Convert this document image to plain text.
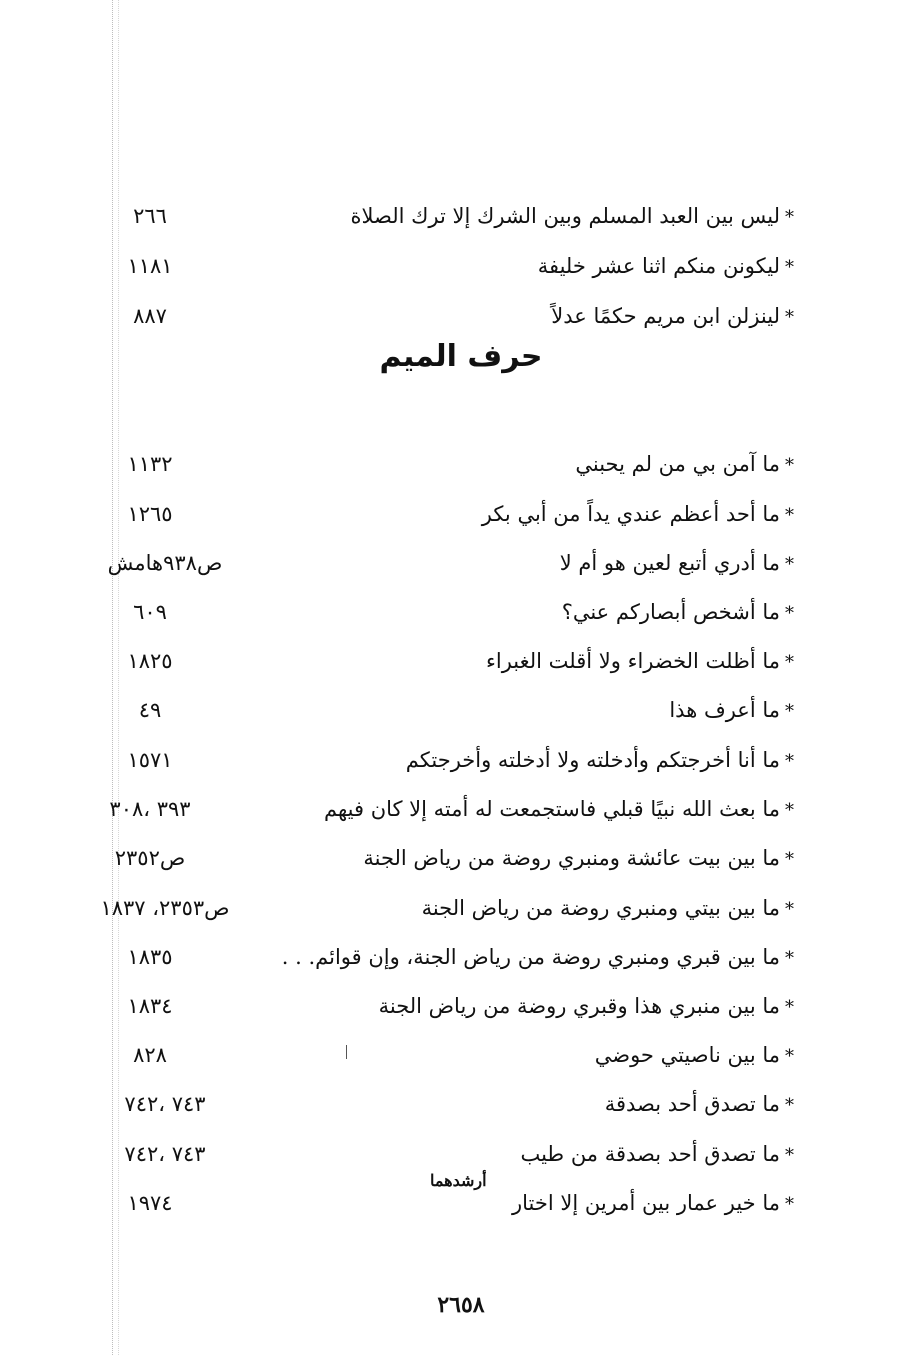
*ليس بين العبد المسلم وبين الشرك إلا ترك الصلاة
٢٦٦
*ليكونن منكم اثنا عشر خليفة
١١٨١
*لينزلن ابن مريم حكمًا عدلاً
٨٨٧
حرف الميم
*ما آمن بي من لم يحبني
١١٣٢
*ما أحد أعظم عندي يداً من أبي بكر
١٢٦٥
*ما أدري أتبع لعين هو أم لا
ص٩٣٨هامش
*ما أشخص أبصاركم عني؟
٦٠٩
*ما أظلت الخضراء ولا أقلت الغبراء
١٨٢٥
*ما أعرف هذا
٤٩
*ما أنا أخرجتكم وأدخلته ولا أدخلته وأخرجتكم
١٥٧١
*ما بعث الله نبيًا قبلي فاستجمعت له أمته إلا كان فيهم
٣٩٣ ،٣٠٨
*ما بين بيت عائشة ومنبري روضة من رياض الجنة
ص٢٣٥٢
*ما بين بيتي ومنبري روضة من رياض الجنة
ص٢٣٥٣، ١٨٣٧
*ما بين قبري ومنبري روضة من رياض الجنة، وإن قوائم. . .
١٨٣٥
*ما بين منبري هذا وقبري روضة من رياض الجنة
١٨٣٤
*ما بين ناصيتي حوضي
٨٢٨
*ما تصدق أحد بصدقة
٧٤٣ ،٧٤٢
*ما تصدق أحد بصدقة من طيب
٧٤٣ ،٧٤٢
*ما خير عمار بين أمرين إلا اختار
أرشدهما
١٩٧٤
٢٦٥٨
